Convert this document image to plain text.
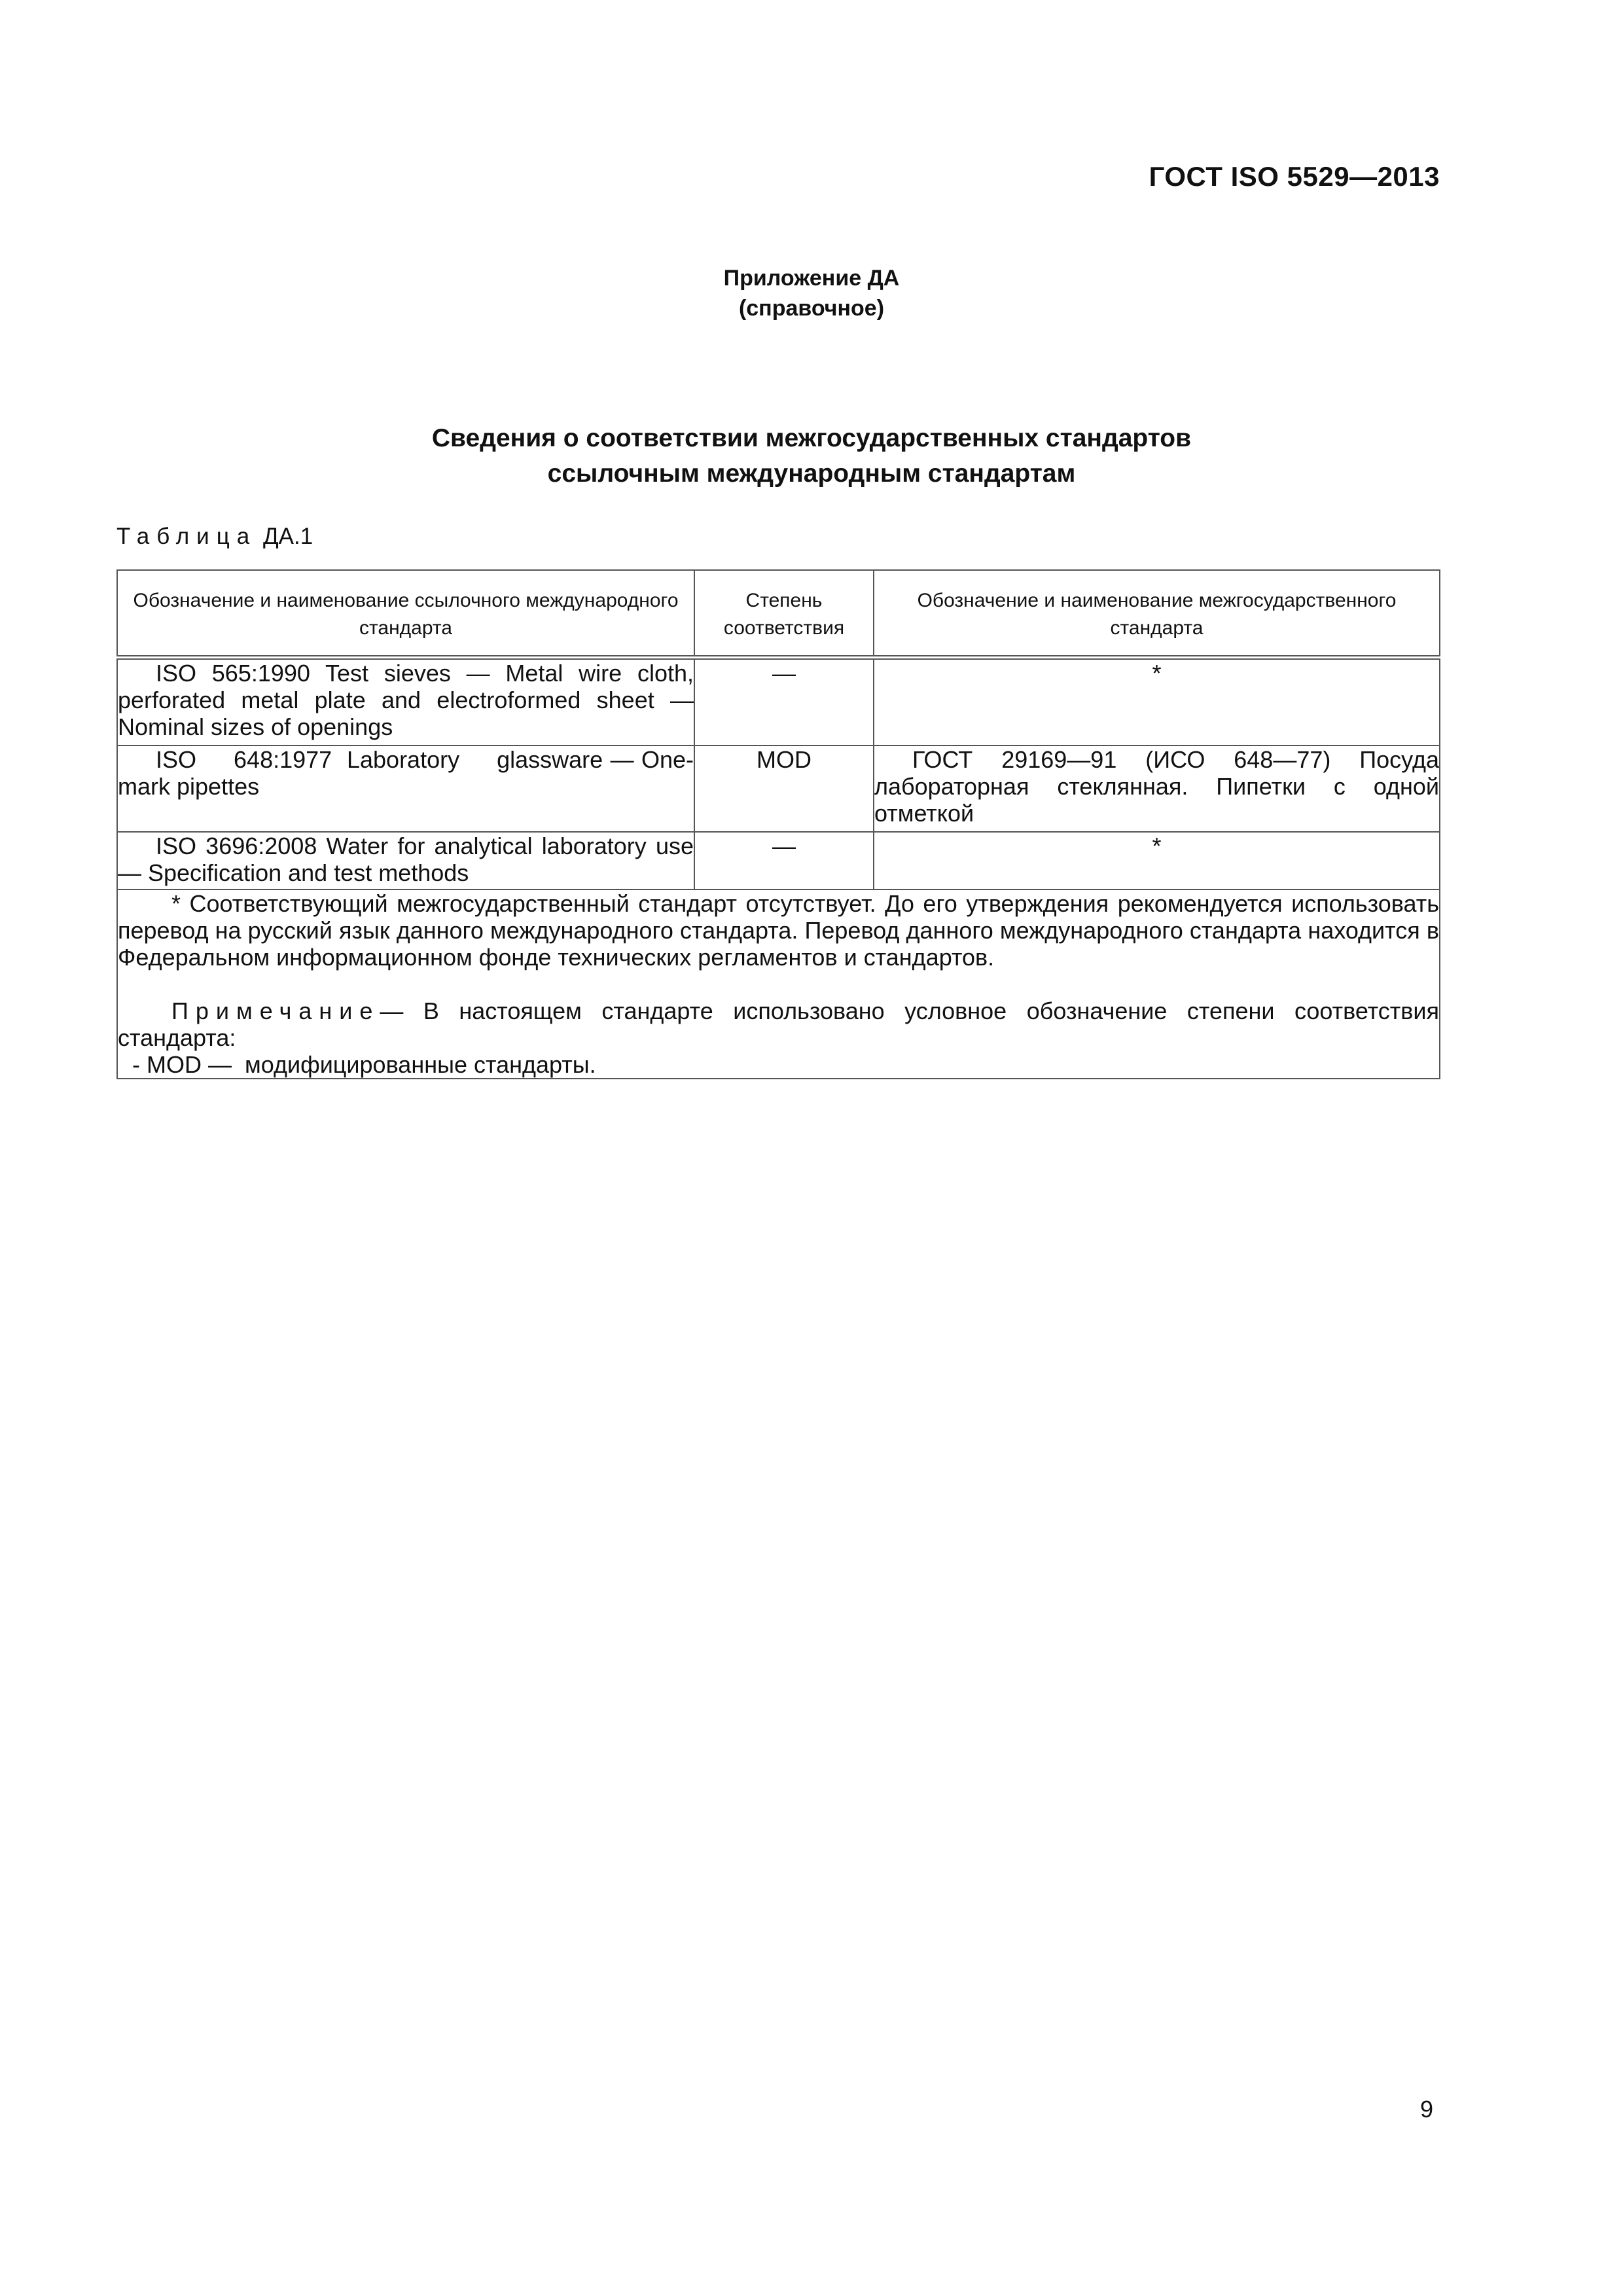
ГОСТ ISO 5529—2013
Приложение ДА
(справочное)
Сведения о соответствии межгосударственных стандартов
ссылочным международным стандартам
Таблица ДА.1
Обозначение и наименование ссылочного международного стандарта	Степень соответствия	Обозначение и наименование межгосударственного стандарта
ISO 565:1990 Test sieves — Metal wire cloth, perforated metal plate and electroformed sheet — Nominal sizes of openings	—	*
ISO     648:1977  Laboratory     glassware — One-mark pipettes	MOD	ГОСТ 29169—91 (ИСО 648—77) Посуда лабораторная стеклянная. Пипетки с одной отметкой
ISO 3696:2008 Water for analytical laboratory use — Specification and test methods	—	*

* Соответствующий межгосударственный стандарт отсутствует. До его утверждения рекомендуется использовать перевод на русский язык данного международного стандарта. Перевод данного международного стандарта находится в Федеральном информационном фонде технических регламентов и стандартов.

Примечание— В настоящем стандарте использовано условное обозначение степени соответствия стандарта:

- MOD —  модифицированные стандарты.		

9
